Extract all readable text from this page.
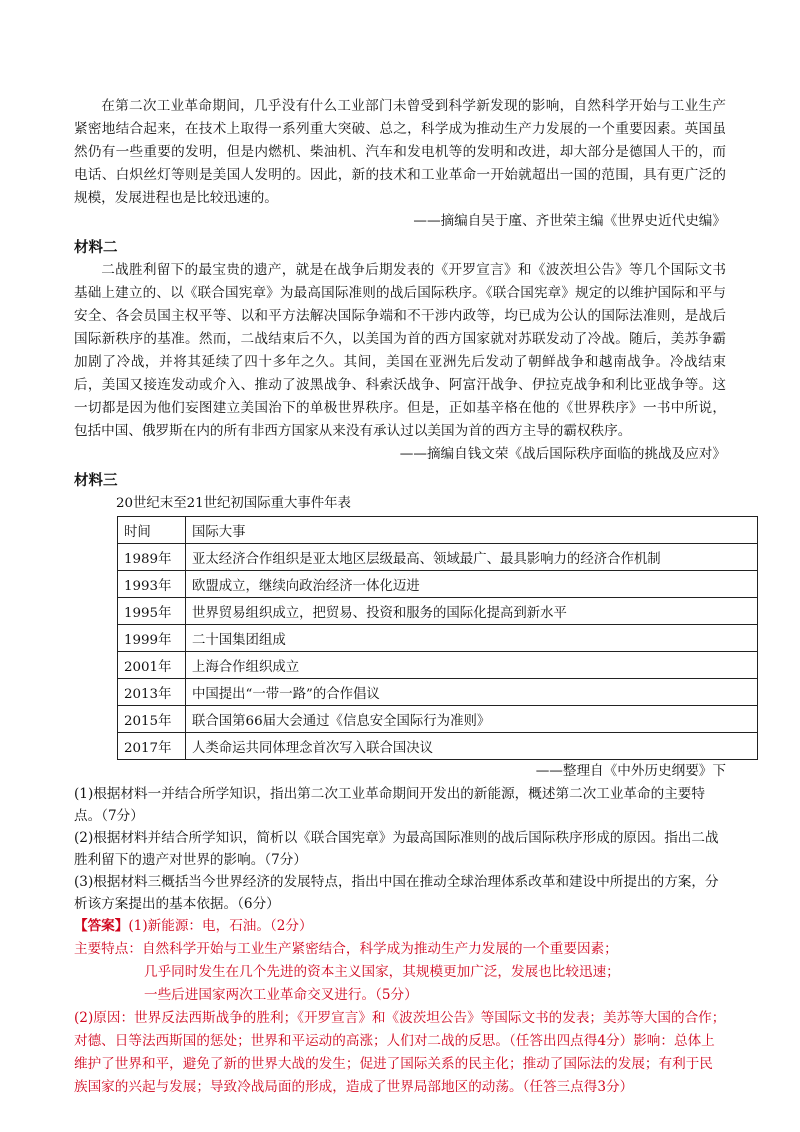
在第二次工业革命期间，几乎没有什么工业部门未曾受到科学新发现的影响，自然科学开始与工业生产紧密地结合起来，在技术上取得一系列重大突破、总之，科学成为推动生产力发展的一个重要因素。英国虽然仍有一些重要的发明，但是内燃机、柴油机、汽车和发电机等的发明和改进，却大部分是德国人干的，而电话、白炽丝灯等则是美国人发明的。因此，新的技术和工业革命一开始就超出一国的范围，具有更广泛的规模，发展进程也是比较迅速的。

——摘编自吴于廑、齐世荣主编《世界史近代史编》

材料二

二战胜利留下的最宝贵的遗产，就是在战争后期发表的《开罗宣言》和《波茨坦公告》等几个国际文书基础上建立的、以《联合国宪章》为最高国际准则的战后国际秩序。《联合国宪章》规定的以维护国际和平与安全、各会员国主权平等、以和平方法解决国际争端和不干涉内政等，均已成为公认的国际法准则，是战后国际新秩序的基准。然而，二战结束后不久，以美国为首的西方国家就对苏联发动了冷战。随后，美苏争霸加剧了冷战，并将其延续了四十多年之久。其间，美国在亚洲先后发动了朝鲜战争和越南战争。冷战结束后，美国又接连发动或介入、推动了波黑战争、科索沃战争、阿富汗战争、伊拉克战争和利比亚战争等。这一切都是因为他们妄图建立美国治下的单极世界秩序。但是，正如基辛格在他的《世界秩序》一书中所说，包括中国、俄罗斯在内的所有非西方国家从来没有承认过以美国为首的西方主导的霸权秩序。

——摘编自钱文荣《战后国际秩序面临的挑战及应对》

材料三

20世纪末至21世纪初国际重大事件年表

时间	国际大事
1989年	亚太经济合作组织是亚太地区层级最高、领域最广、最具影响力的经济合作机制
1993年	欧盟成立，继续向政治经济一体化迈进
1995年	世界贸易组织成立，把贸易、投资和服务的国际化提高到新水平
1999年	二十国集团组成
2001年	上海合作组织成立
2013年	中国提出“一带一路”的合作倡议
2015年	联合国第66届大会通过《信息安全国际行为准则》
2017年	人类命运共同体理念首次写入联合国决议

——整理自《中外历史纲要》下

(1)根据材料一并结合所学知识，指出第二次工业革命期间开发出的新能源，概述第二次工业革命的主要特点。（7分）

(2)根据材料并结合所学知识，简析以《联合国宪章》为最高国际准则的战后国际秩序形成的原因。指出二战胜利留下的遗产对世界的影响。（7分）

(3)根据材料三概括当今世界经济的发展特点，指出中国在推动全球治理体系改革和建设中所提出的方案，分析该方案提出的基本依据。（6分）

【答案】(1)新能源：电，石油。（2分）

主要特点：自然科学开始与工业生产紧密结合，科学成为推动生产力发展的一个重要因素；

几乎同时发生在几个先进的资本主义国家，其规模更加广泛，发展也比较迅速；

一些后进国家两次工业革命交叉进行。（5分）

(2)原因：世界反法西斯战争的胜利；《开罗宣言》和《波茨坦公告》等国际文书的发表；美苏等大国的合作；对德、日等法西斯国的惩处；世界和平运动的高涨；人们对二战的反思。（任答出四点得4分）影响：总体上维护了世界和平，避免了新的世界大战的发生；促进了国际关系的民主化；推动了国际法的发展；有利于民族国家的兴起与发展；导致冷战局面的形成，造成了世界局部地区的动荡。（任答三点得3分）
